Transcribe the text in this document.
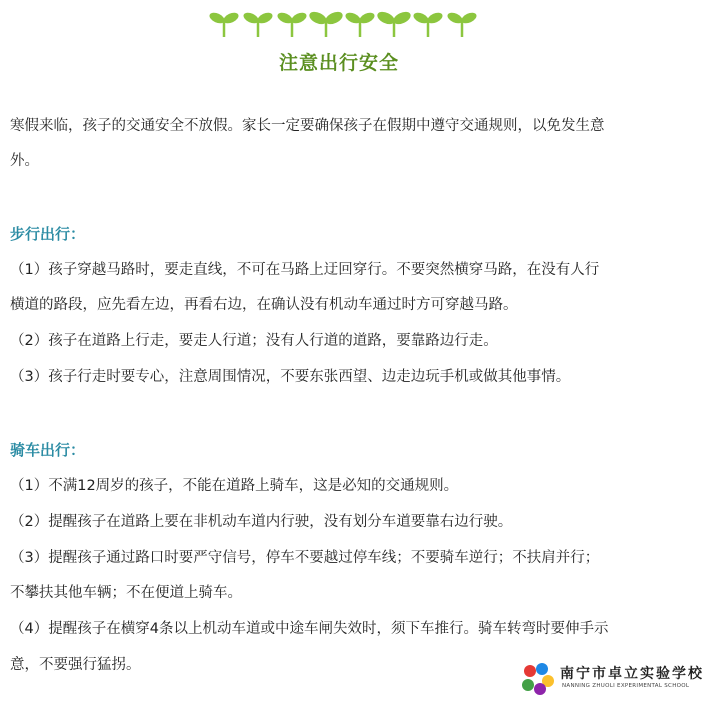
注意出行安全
寒假来临，孩子的交通安全不放假。家长一定要确保孩子在假期中遵守交通规则，以免发生意
外。
步行出行：
（1）孩子穿越马路时，要走直线，不可在马路上迂回穿行。不要突然横穿马路，在没有人行
横道的路段，应先看左边，再看右边，在确认没有机动车通过时方可穿越马路。
（2）孩子在道路上行走，要走人行道；没有人行道的道路，要靠路边行走。
（3）孩子行走时要专心，注意周围情况，不要东张西望、边走边玩手机或做其他事情。
骑车出行：
（1）不满12周岁的孩子，不能在道路上骑车，这是必知的交通规则。
（2）提醒孩子在道路上要在非机动车道内行驶，没有划分车道要靠右边行驶。
（3）提醒孩子通过路口时要严守信号，停车不要越过停车线；不要骑车逆行；不扶肩并行；
不攀扶其他车辆；不在便道上骑车。
（4）提醒孩子在横穿4条以上机动车道或中途车闸失效时，须下车推行。骑车转弯时要伸手示
意，不要强行猛拐。
南宁市卓立实验学校
NANNING ZHUOLI EXPERIMENTAL SCHOOL
